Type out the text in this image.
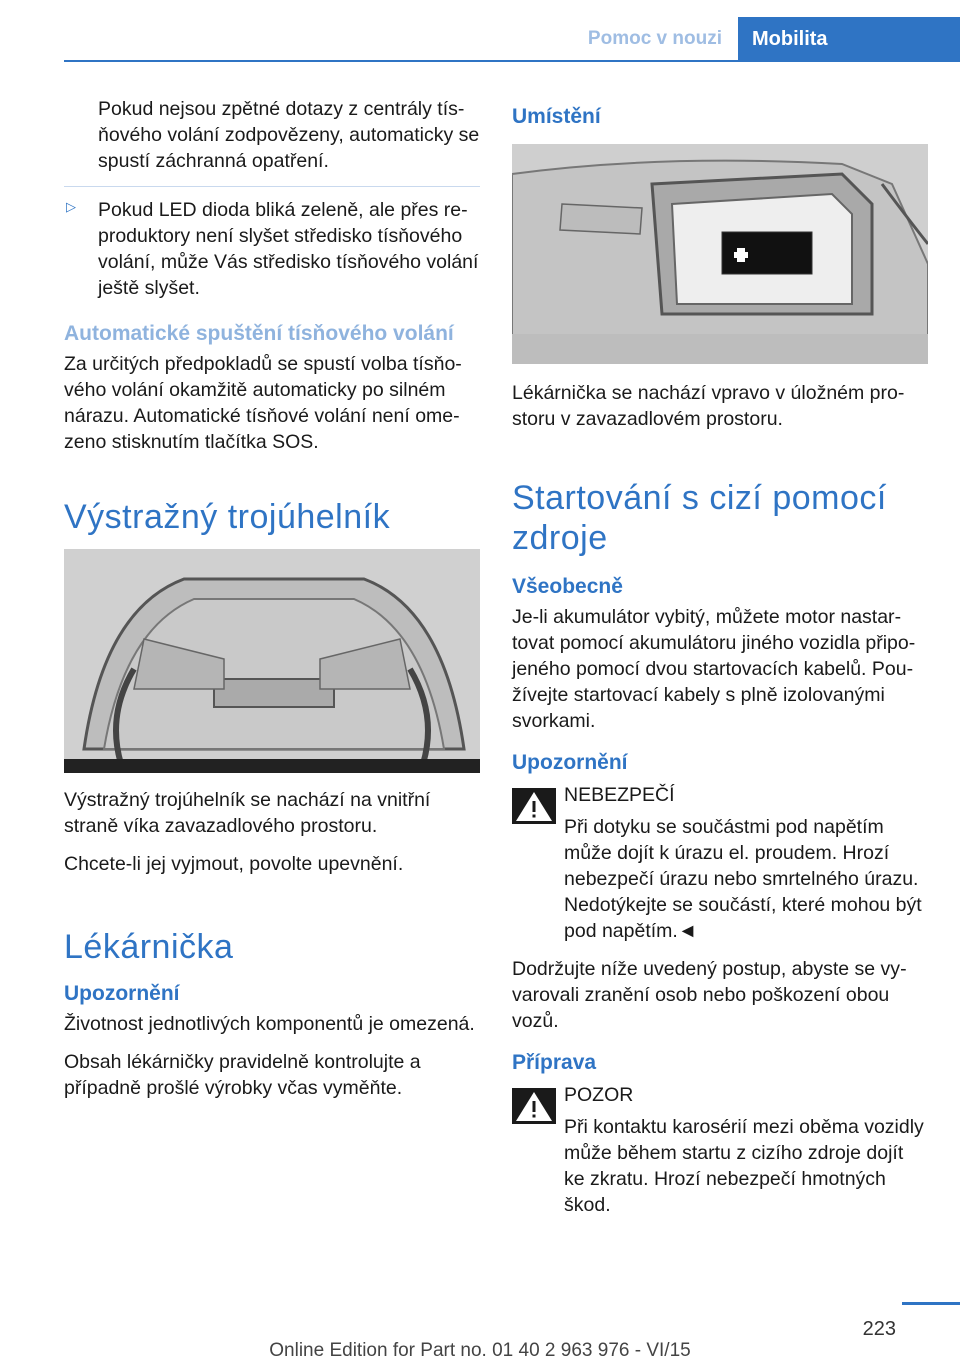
Pomoc v nouzi	Mobilita

Pokud nejsou zpětné dotazy z centrály tísňového volání zodpovězeny, automaticky se spustí záchranná opatření.

▷ Pokud LED dioda bliká zeleně, ale přes reproduktory není slyšet středisko tísňového volání, může Vás středisko tísňového volání ještě slyšet.

Automatické spuštění tísňového volání

Za určitých předpokladů se spustí volba tísňového volání okamžitě automaticky po silném nárazu. Automatické tísňové volání není omezeno stisknutím tlačítka SOS.

Výstražný trojúhelník

Výstražný trojúhelník se nachází na vnitřní straně víka zavazadlového prostoru.

Chcete-li jej vyjmout, povolte upevnění.

Lékárnička
Upozornění

Životnost jednotlivých komponentů je omezená.

Obsah lékárničky pravidelně kontrolujte a případně prošlé výrobky včas vyměňte.

Umístění

Lékárnička se nachází vpravo v úložném prostoru v zavazadlovém prostoru.

Startování s cizí pomocí zdroje
Všeobecně

Je-li akumulátor vybitý, můžete motor nastartovat pomocí akumulátoru jiného vozidla připojeného pomocí dvou startovacích kabelů. Používejte startovací kabely s plně izolovanými svorkami.

Upozornění

NEBEZPEČÍ

Při dotyku se součástmi pod napětím může dojít k úrazu el. proudem. Hrozí nebezpečí úrazu nebo smrtelného úrazu. Nedotýkejte se součástí, které mohou být pod napětím.◄

Dodržujte níže uvedený postup, abyste se vyvarovali zranění osob nebo poškození obou vozů.

Příprava

POZOR

Při kontaktu karosérií mezi oběma vozidly může během startu z cizího zdroje dojít ke zkratu. Hrozí nebezpečí hmotných škod.

223
Online Edition for Part no. 01 40 2 963 976 - VI/15
